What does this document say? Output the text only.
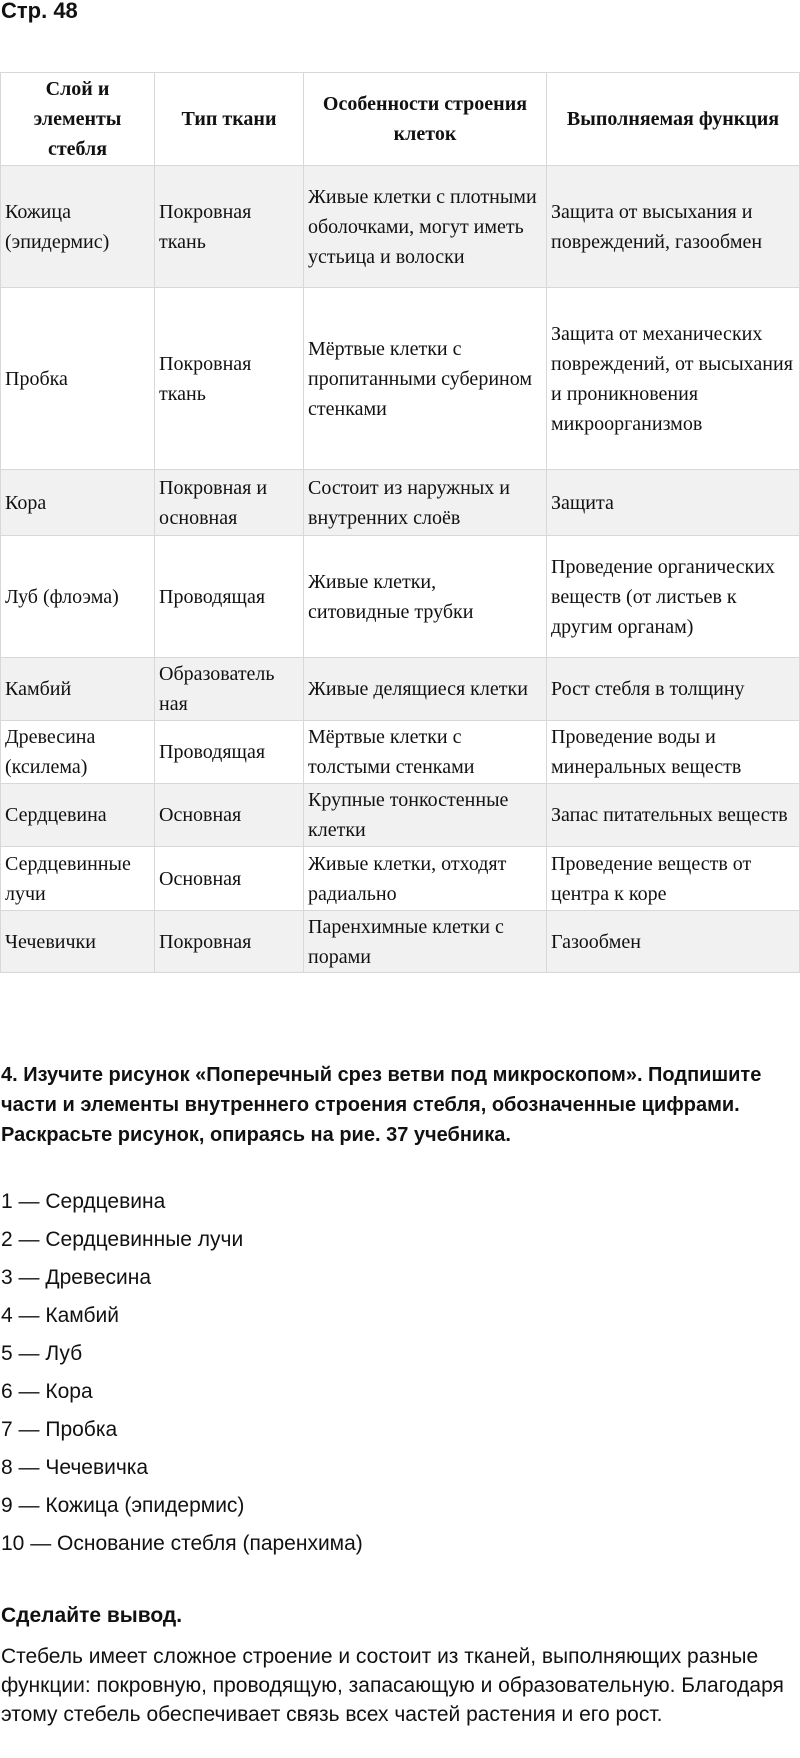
Стр. 48
Слой и элементы стебля	Тип ткани	Особенности строения клеток	Выполняемая функция
Кожица (эпидермис)	Покровная ткань	Живые клетки с плотными оболочками, могут иметь устьица и волоски	Защита от высыхания и повреждений, газообмен
Пробка	Покровная ткань	Мёртвые клетки с пропитанными суберином стенками	Защита от механических повреждений, от высыхания и проникновения микроорганизмов
Кора	Покровная и основная	Состоит из наружных и внутренних слоёв	Защита
Луб (флоэма)	Проводящая	Живые клетки, ситовидные трубки	Проведение органических веществ (от листьев к другим органам)
Камбий	Образователь ная	Живые делящиеся клетки	Рост стебля в толщину
Древесина (ксилема)	Проводящая	Мёртвые клетки с толстыми стенками	Проведение воды и минеральных веществ
Сердцевина	Основная	Крупные тонкостенные клетки	Запас питательных веществ
Сердцевинные лучи	Основная	Живые клетки, отходят радиально	Проведение веществ от центра к коре
Чечевички	Покровная	Паренхимные клетки с порами	Газообмен
4. Изучите рисунок «Поперечный срез ветви под микроскопом». Подпишите части и элементы внутреннего строения стебля, обозначенные цифрами. Раскрасьте рисунок, опираясь на рие. 37 учебника.
1 — Сердцевина
2 — Сердцевинные лучи
3 — Древесина
4 — Камбий
5 — Луб
6 — Кора
7 — Пробка
8 — Чечевичка
9 — Кожица (эпидермис)
10 — Основание стебля (паренхима)
Сделайте вывод.
Стебель имеет сложное строение и состоит из тканей, выполняющих разные функции: покровную, проводящую, запасающую и образовательную. Благодаря этому стебель обеспечивает связь всех частей растения и его рост.
